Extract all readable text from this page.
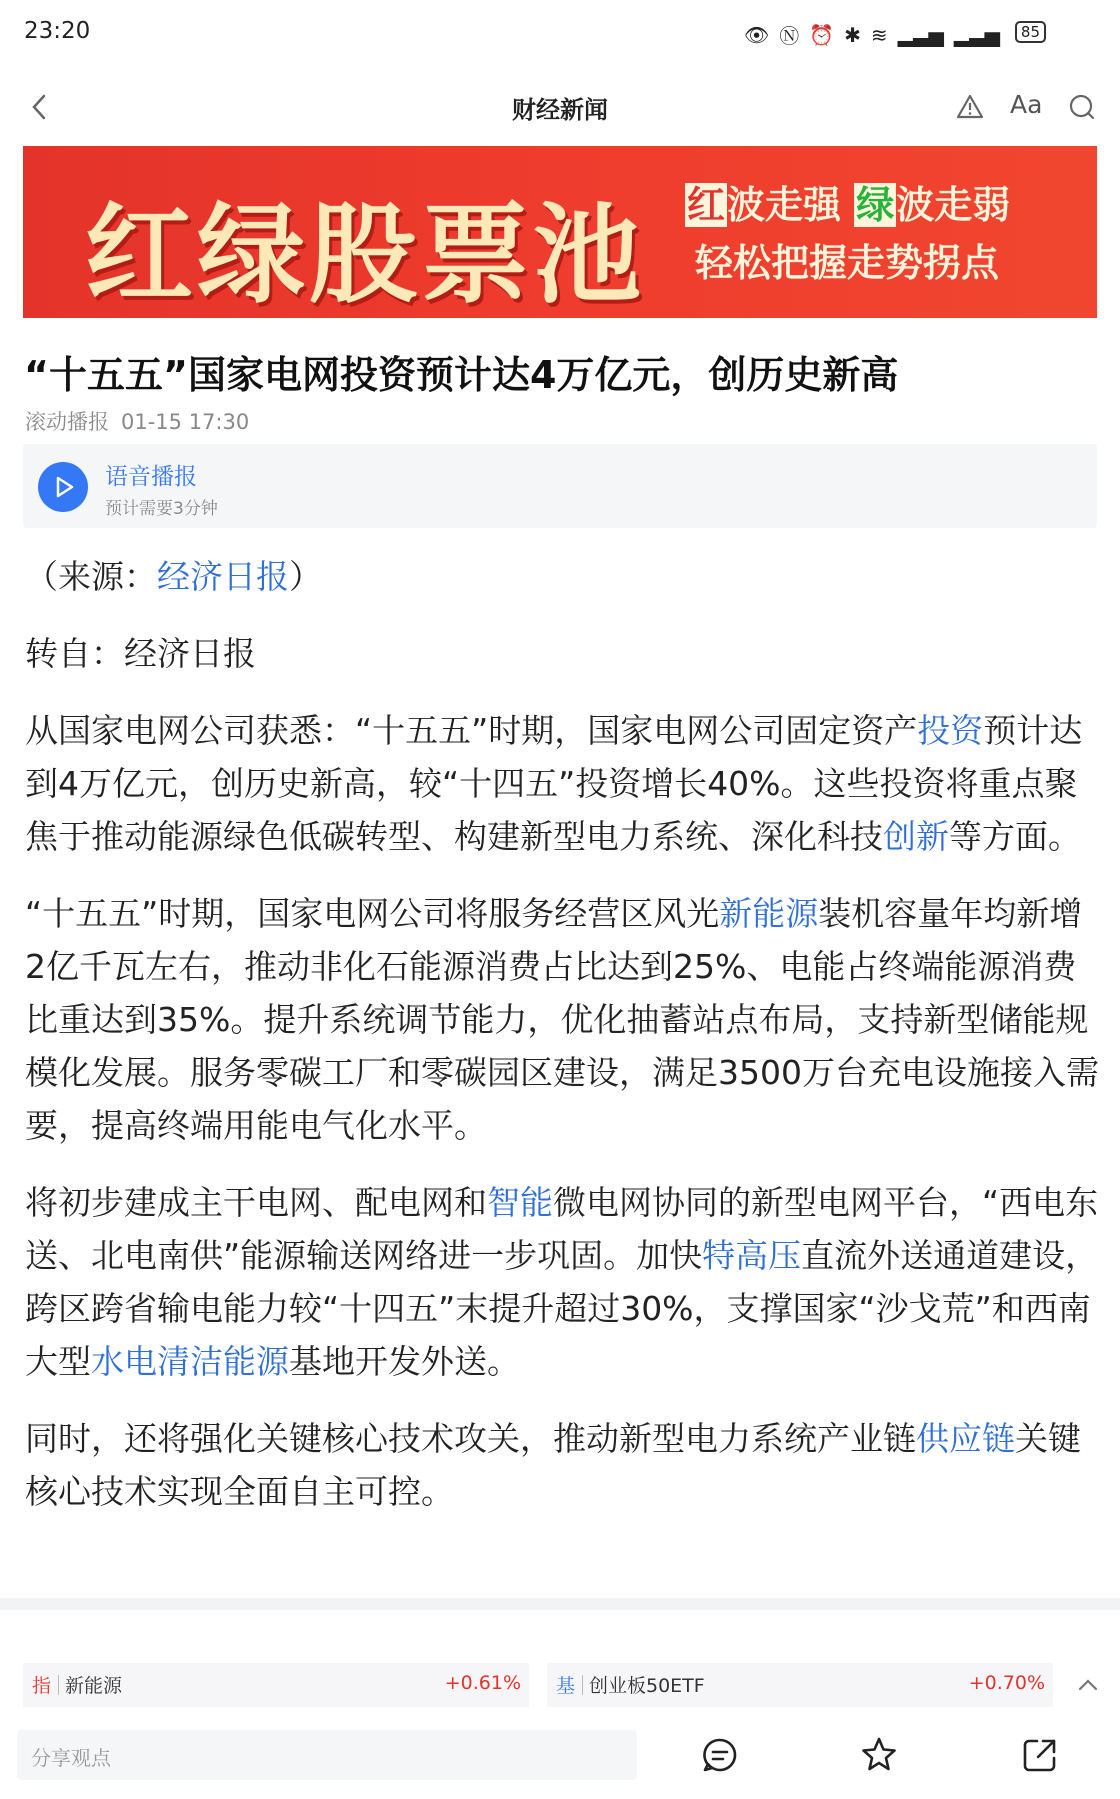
23:20	👁 Ⓝ ⏰ ✱ ≋ ▂▃▅ ▂▃▅	85
财经新闻	Aa
红绿股票池 红波走强 绿波走弱
轻松把握走势拐点
“十五五”国家电网投资预计达4万亿元，创历史新高
滚动播报 01-15 17:30
语音播报
预计需要3分钟

（来源：经济日报）

转自：经济日报

从国家电网公司获悉：“十五五”时期，国家电网公司固定资产投资预计达到4万亿元，创历史新高，较“十四五”投资增长40%。这些投资将重点聚焦于推动能源绿色低碳转型、构建新型电力系统、深化科技创新等方面。

“十五五”时期，国家电网公司将服务经营区风光新能源装机容量年均新增2亿千瓦左右，推动非化石能源消费占比达到25%、电能占终端能源消费比重达到35%。提升系统调节能力，优化抽蓄站点布局，支持新型储能规模化发展。服务零碳工厂和零碳园区建设，满足3500万台充电设施接入需要，提高终端用能电气化水平。

将初步建成主干电网、配电网和智能微电网协同的新型电网平台，“西电东送、北电南供”能源输送网络进一步巩固。加快特高压直流外送通道建设，跨区跨省输电能力较“十四五”末提升超过30%，支撑国家“沙戈荒”和西南大型水电清洁能源基地开发外送。

同时，还将强化关键核心技术攻关，推动新型电力系统产业链供应链关键核心技术实现全面自主可控。

指 新能源	+0.61% 基 创业板50ETF	+0.70%
分享观点
